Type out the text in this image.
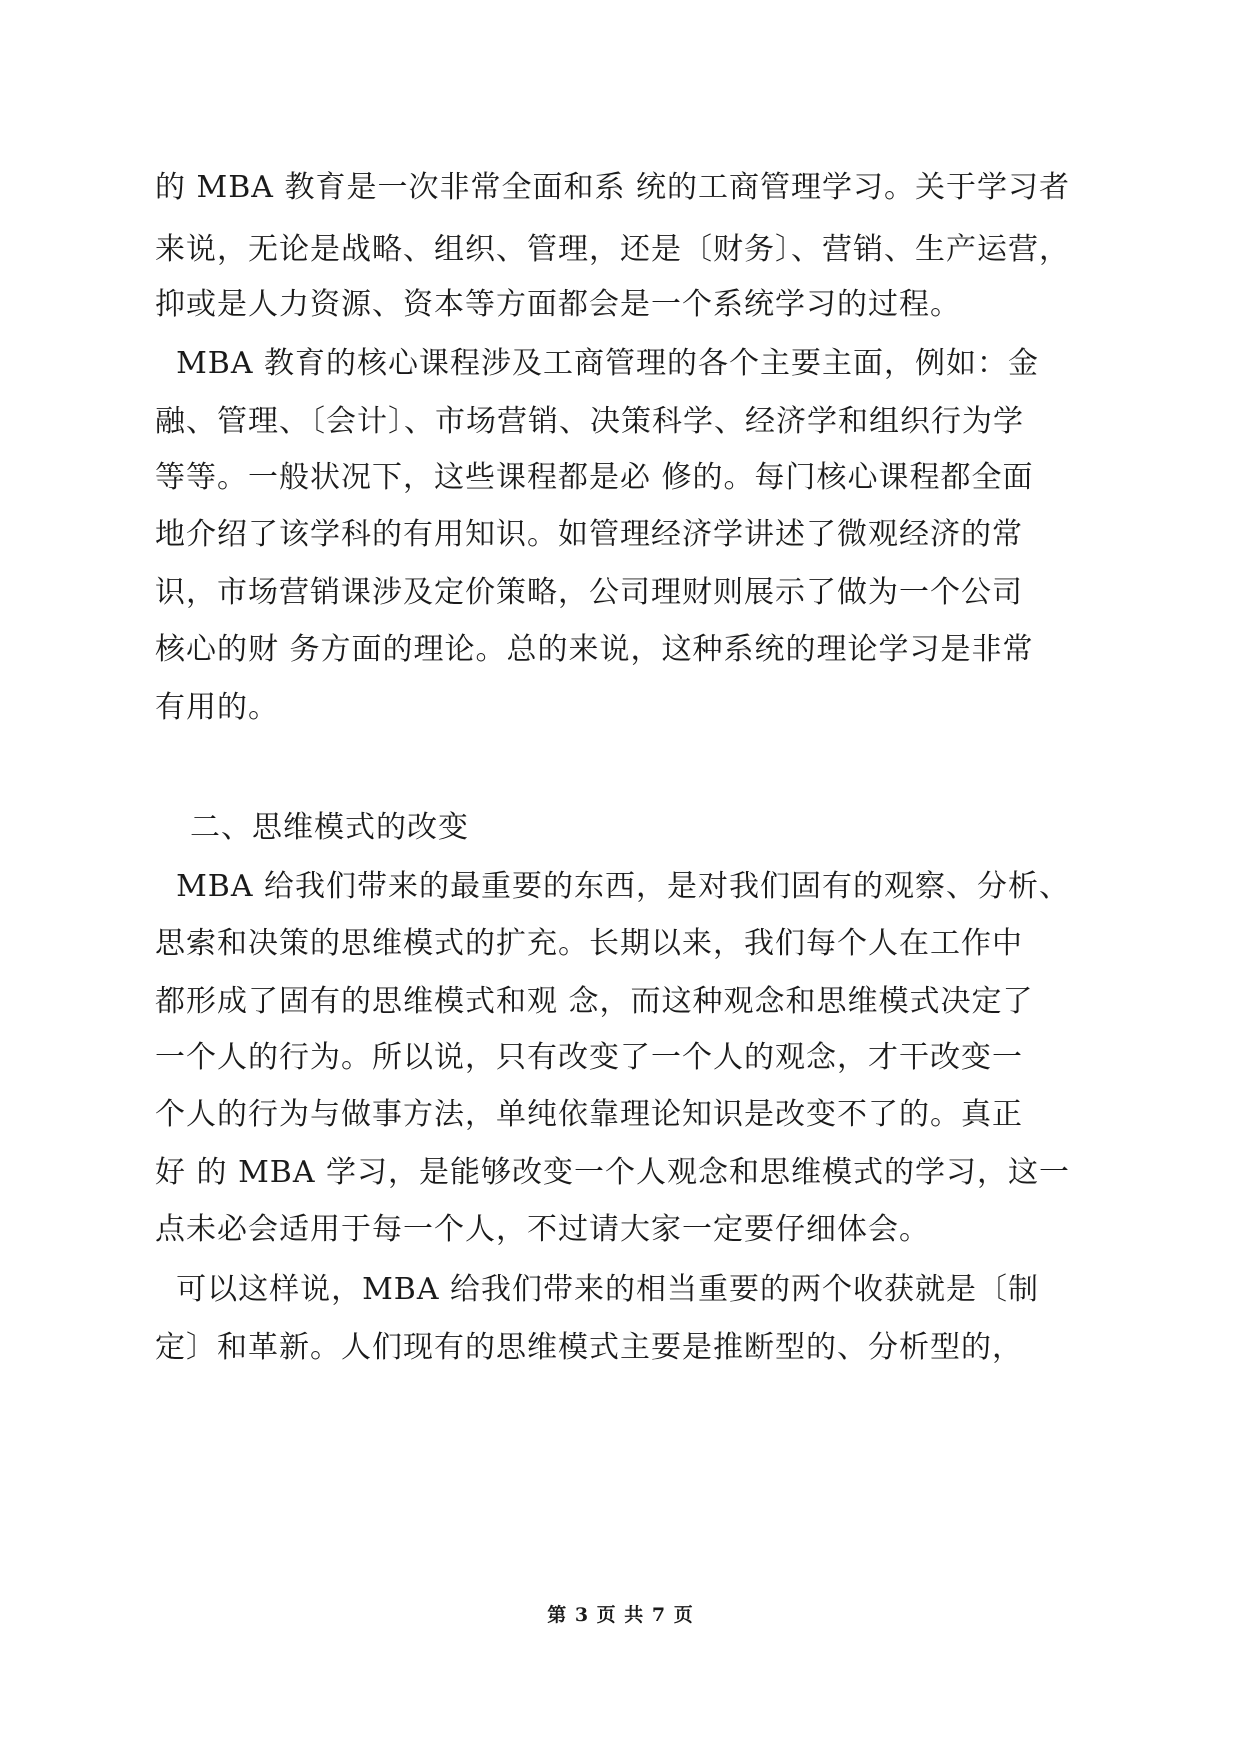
的 MBA 教育是一次非常全面和系 统的工商管理学习。关于学习者

来说，无论是战略、组织、管理，还是〔财务〕、营销、生产运营，

抑或是人力资源、资本等方面都会是一个系统学习的过程。

MBA 教育的核心课程涉及工商管理的各个主要主面，例如：金

融、管理、〔会计〕、市场营销、决策科学、经济学和组织行为学

等等。一般状况下，这些课程都是必 修的。每门核心课程都全面

地介绍了该学科的有用知识。如管理经济学讲述了微观经济的常

识，市场营销课涉及定价策略，公司理财则展示了做为一个公司

核心的财 务方面的理论。总的来说，这种系统的理论学习是非常

有用的。

二、思维模式的改变

MBA 给我们带来的最重要的东西，是对我们固有的观察、分析、

思索和决策的思维模式的扩充。长期以来，我们每个人在工作中

都形成了固有的思维模式和观 念，而这种观念和思维模式决定了

一个人的行为。所以说，只有改变了一个人的观念，才干改变一

个人的行为与做事方法，单纯依靠理论知识是改变不了的。真正

好 的 MBA 学习，是能够改变一个人观念和思维模式的学习，这一

点未必会适用于每一个人，不过请大家一定要仔细体会。

可以这样说，MBA 给我们带来的相当重要的两个收获就是〔制

定〕和革新。人们现有的思维模式主要是推断型的、分析型的，

第 3 页 共 7 页
